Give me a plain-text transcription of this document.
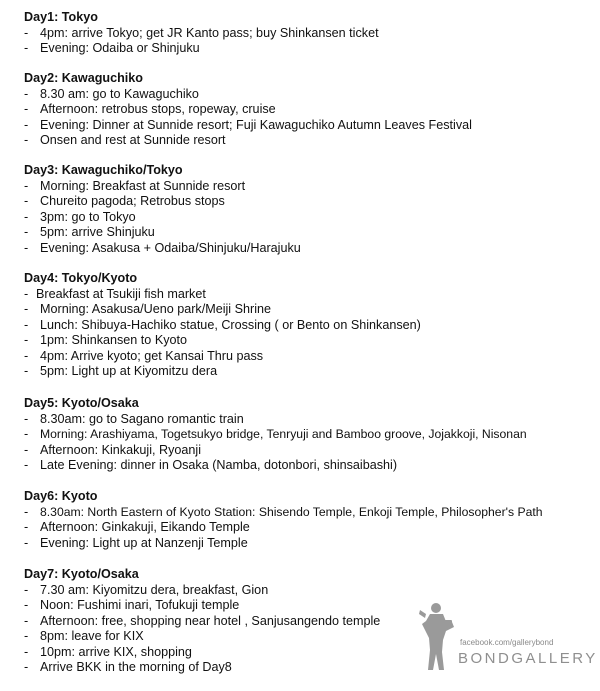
Day1: Tokyo
- 4pm: arrive Tokyo; get JR Kanto pass; buy Shinkansen ticket
- Evening: Odaiba or Shinjuku
Day2: Kawaguchiko
- 8.30 am: go to Kawaguchiko
- Afternoon: retrobus stops, ropeway, cruise
- Evening: Dinner at Sunnide resort; Fuji Kawaguchiko Autumn Leaves Festival
- Onsen and rest at Sunnide resort
Day3: Kawaguchiko/Tokyo
- Morning: Breakfast at Sunnide resort
- Chureito pagoda; Retrobus stops
- 3pm: go to Tokyo
- 5pm: arrive Shinjuku
- Evening: Asakusa + Odaiba/Shinjuku/Harajuku
Day4: Tokyo/Kyoto
- Breakfast at Tsukiji fish market
- Morning: Asakusa/Ueno park/Meiji Shrine
- Lunch: Shibuya-Hachiko statue, Crossing ( or Bento on Shinkansen)
- 1pm: Shinkansen to Kyoto
- 4pm: Arrive kyoto; get Kansai Thru pass
- 5pm: Light up at Kiyomitzu dera
Day5: Kyoto/Osaka
- 8.30am: go to Sagano romantic train
- Morning: Arashiyama, Togetsukyo bridge, Tenryuji and Bamboo groove, Jojakkoji, Nisonan
- Afternoon: Kinkakuji, Ryoanji
- Late Evening: dinner in Osaka (Namba, dotonbori, shinsaibashi)
Day6: Kyoto
- 8.30am: North Eastern of Kyoto Station: Shisendo Temple, Enkoji Temple, Philosopher's Path
- Afternoon: Ginkakuji, Eikando Temple
- Evening: Light up at Nanzenji Temple
Day7: Kyoto/Osaka
- 7.30 am: Kiyomitzu dera, breakfast, Gion
- Noon: Fushimi inari, Tofukuji temple
- Afternoon: free, shopping near hotel , Sanjusangendo temple
- 8pm: leave for KIX
- 10pm: arrive KIX, shopping
- Arrive BKK in the morning of Day8
facebook.com/gallerybond
BONDGALLERY
